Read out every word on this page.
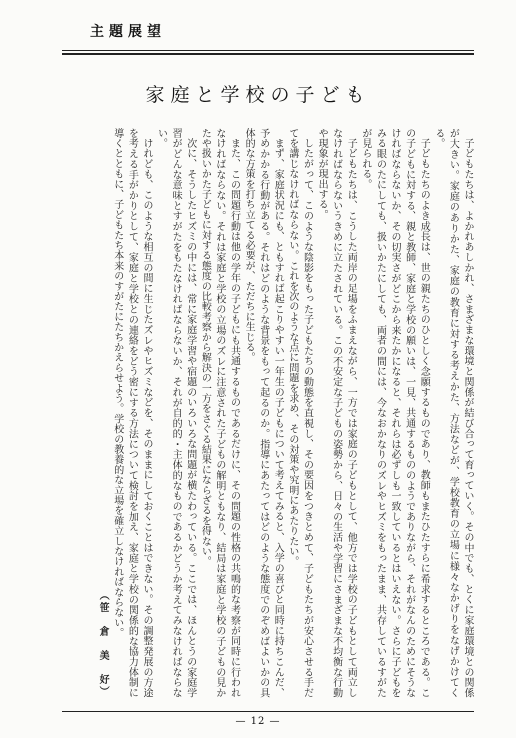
主題展望
家庭と学校の子ども

子どもたちは、よかれあしかれ、さまざまな環境と関係が結び合って育っていく。その中でも、とくに家庭環境との関係が大きい。家庭のありかた、家庭の教育に対する考えかた、方法などが、学校教育の立場に様々なかげりをなげかけてくる。

子どもたちのよき成長は、世の親たちのひとしく念願するものであり、教師もまたひたすらに希求するところである。この子どもに対する、親と教師、家庭と学校の願いは、一見、共通するもののようでありながら、それがなんのためにそうなければならないか、その切実さがどこから来たかになると、それらは必ずしも一致しているとはいえない。さらに子どもをみる眼のたにしても、扱いかたにしても、両者の間には、今なおかなりのズレやヒズミをもったまま、共存しているすがたが見られる。

子どもたちは、こうした両岸の足場をふまえながら、一方では家庭の子どもとして、他方では学校の子どもとして両立しなければならないうきめに立たされている。この不安定な子どもの姿勢から、日々の生活や学習にさまざまな不均衡な行動や現象が現出する。

したがって、このような陰影をもった子どもたちの動態を直視し、その要因をつきとめて、子どもたちが安心させる手だてを講じなければならない。これを次のような点に問題を求め、その対策や究明にあたりたい。

まず、家庭状況にも、ともすれば起こりやすい一年生の子どもについて考えてみると、入学の喜びと同時に持ちこんだ、予めかかる行動がある。それはどのような背景をもって起るのか。指導にあたってはどのような態度でのぞめばよいかの具体的な方策を打ち立てる必要が、ただちに生じる。

また、この問題行動は他の学年の子どもにも共通するものであるだけに、その問題の性格の共鳴的な考察が同時に行われなければならない。それは家庭と学校の立場のズレに注意された子どもの解明ともなり、結局は家庭と学校の子どもの見かたや扱いかた子どもに対する態度の比較考察から解決の一方をさぐる結果にならざるを得ない。

次に、そうしたヒズミの中には、常に家庭学習や宿題のいろいろな問題が横たわっている。ここでは、ほんとうの家庭学習がどんな意味とすがたをもたなければならないか、それが自的的・主体的なものであるかどうか考えてみなければならない。

けれども、このような相互の間に生じたズレやヒズミなどを、そのままにしておくことはできない。その調整発展の方途を考える手がかりとして、家庭と学校との連絡をどう密にする方法について検討を加え、家庭と学校の関係的な協力体制に導くとともに、子どもたち本来のすがたにたちかえらせよう。学校の教養的な立場を確立しなければならない。

（笹　倉　美　好）
— 12 —
